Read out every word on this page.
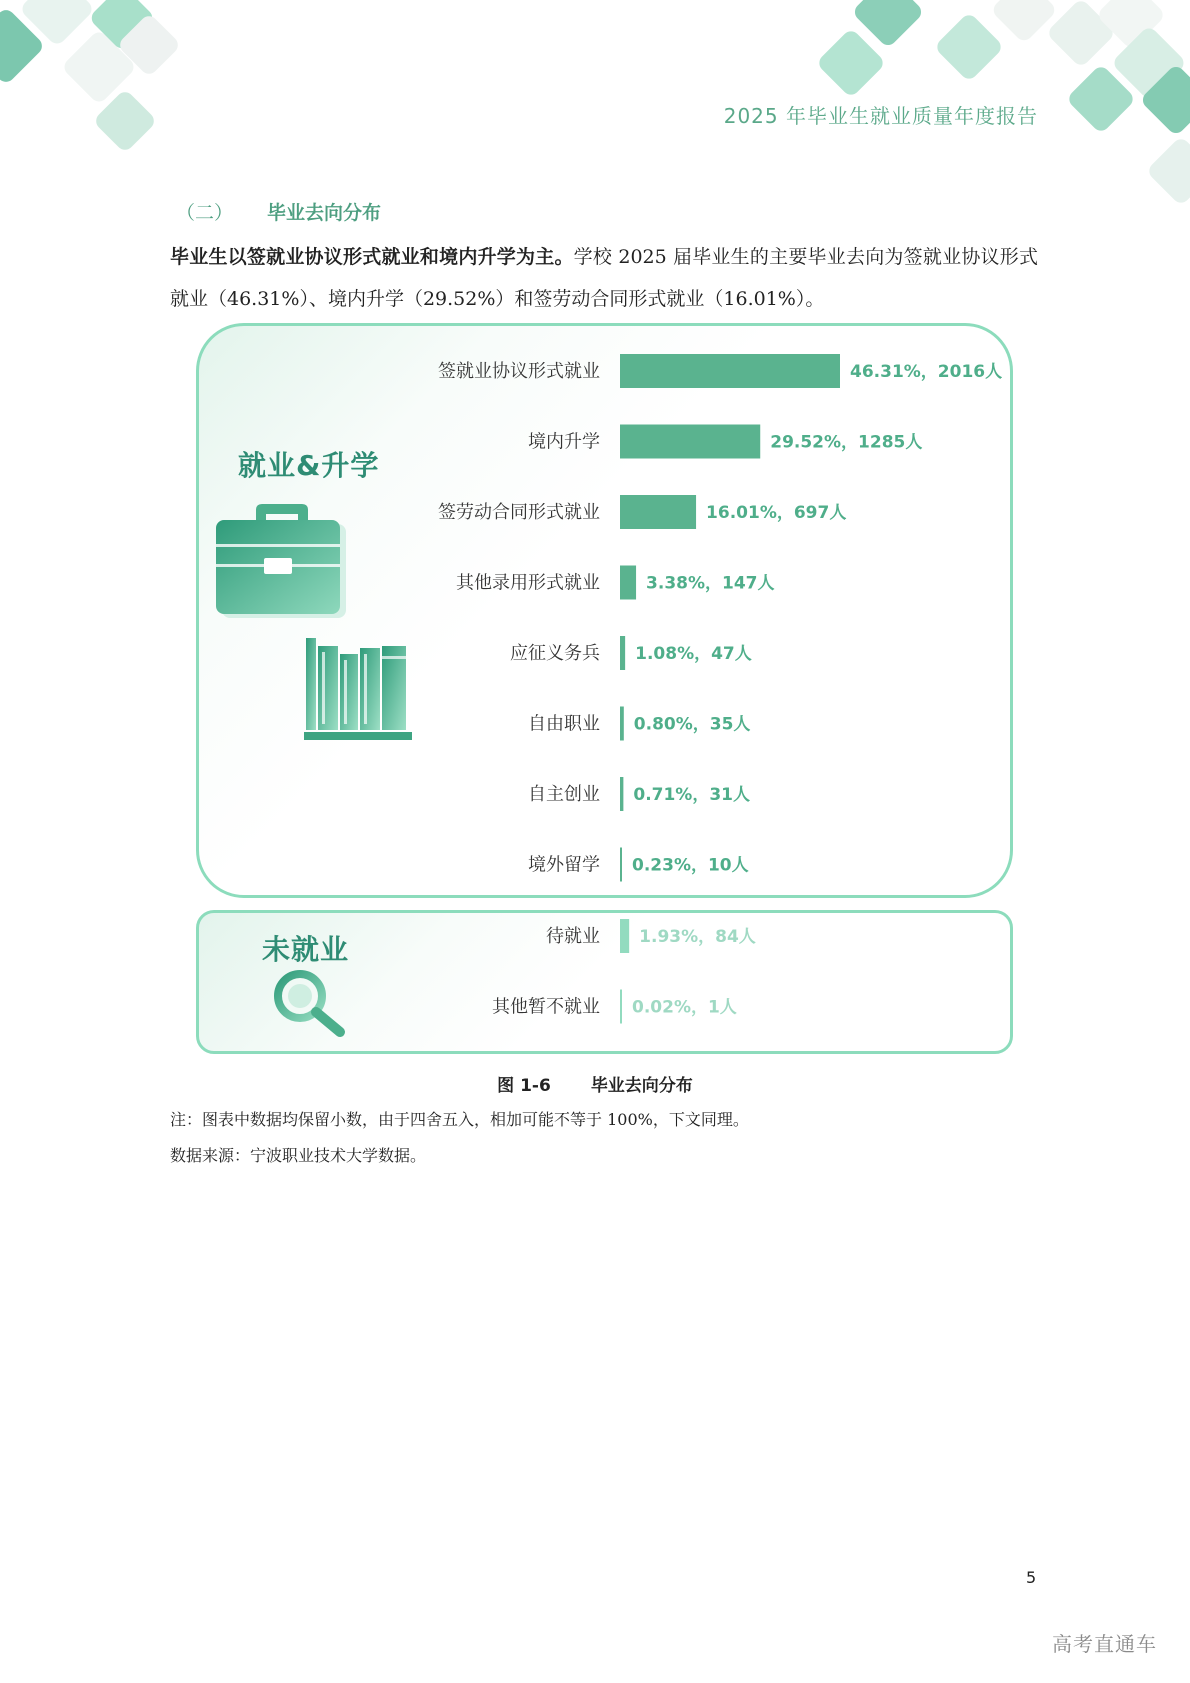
2025 年毕业生就业质量年度报告
（二） 毕业去向分布

毕业生以签就业协议形式就业和境内升学为主。学校 2025 届毕业生的主要毕业去向为签就业协议形式就业（46.31%）、境内升学（29.52%）和签劳动合同形式就业（16.01%）。

就业&升学
未就业
签就业协议形式就业	46.31%，2016人
境内升学	29.52%，1285人
签劳动合同形式就业	16.01%，697人
其他录用形式就业	3.38%，147人
应征义务兵 1.08%，47人
自由职业 0.80%，35人
自主创业 0.71%，31人
境外留学 0.23%，10人
待就业 1.93%，84人
其他暂不就业 0.02%，1人
图 1-6 毕业去向分布
注：图表中数据均保留小数，由于四舍五入，相加可能不等于 100%，下文同理。
数据来源：宁波职业技术大学数据。
5
高考直通车
